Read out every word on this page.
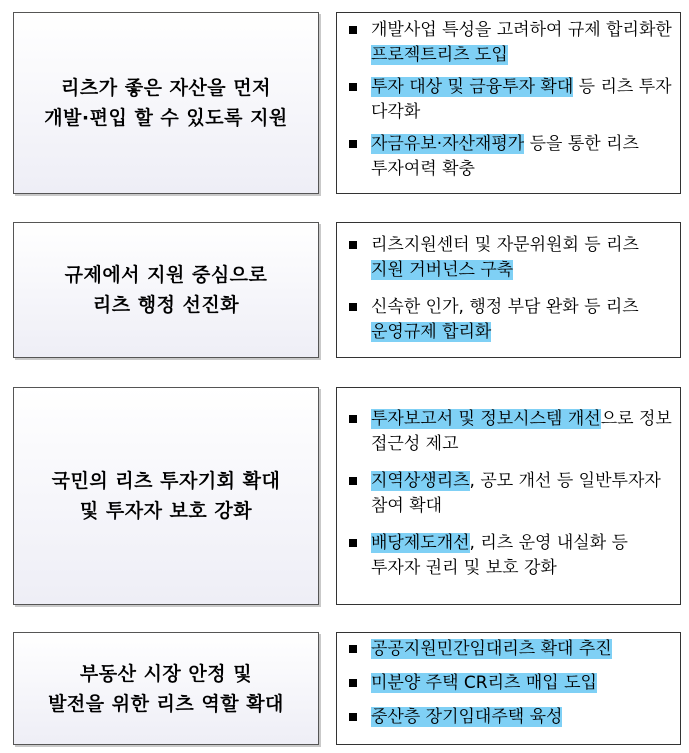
리츠가 좋은 자산을 먼저
개발·편입 할 수 있도록 지원
개발사업 특성을 고려하여 규제 합리화한 프로젝트리츠 도입
투자 대상 및 금융투자 확대 등 리츠 투자 다각화
자금유보·자산재평가 등을 통한 리츠 투자여력 확충
규제에서 지원 중심으로
리츠 행정 선진화
리츠지원센터 및 자문위원회 등 리츠 지원 거버넌스 구축
신속한 인가, 행정 부담 완화 등 리츠 운영규제 합리화
국민의 리츠 투자기회 확대
및 투자자 보호 강화
투자보고서 및 정보시스템 개선으로 정보 접근성 제고
지역상생리츠, 공모 개선 등 일반투자자 참여 확대
배당제도개선, 리츠 운영 내실화 등 투자자 권리 및 보호 강화
부동산 시장 안정 및
발전을 위한 리츠 역할 확대
공공지원민간임대리츠 확대 추진
미분양 주택 CR리츠 매입 도입
중산층 장기임대주택 육성
